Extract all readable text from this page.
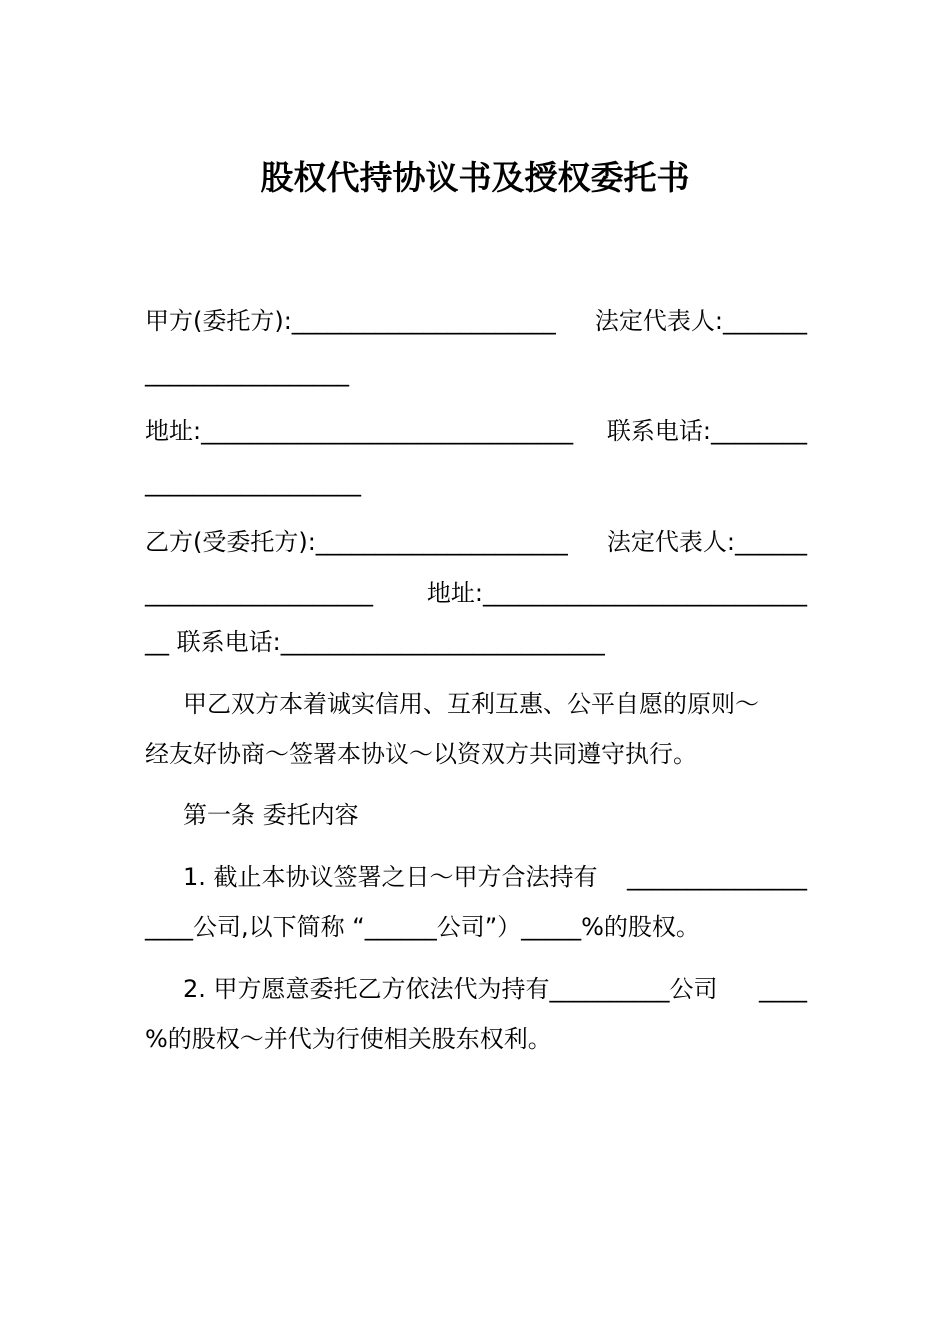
股权代持协议书及授权委托书
甲方(委托方):______________________ 法定代表人:_______
_________________
地址:_______________________________ 联系电话:________
__________________
乙方(受委托方):_____________________ 法定代表人:______
___________________ 地址:___________________________
__ 联系电话:___________________________
甲乙双方本着诚实信用、互利互惠、公平自愿的原则～
经友好协商～签署本协议～以资双方共同遵守执行。
第一条 委托内容
1. 截止本协议签署之日～甲方合法持有 _______________
____公司,以下简称 “______公司”）_____%的股权。
2. 甲方愿意委托乙方依法代为持有__________公司 ____
%的股权～并代为行使相关股东权利。
